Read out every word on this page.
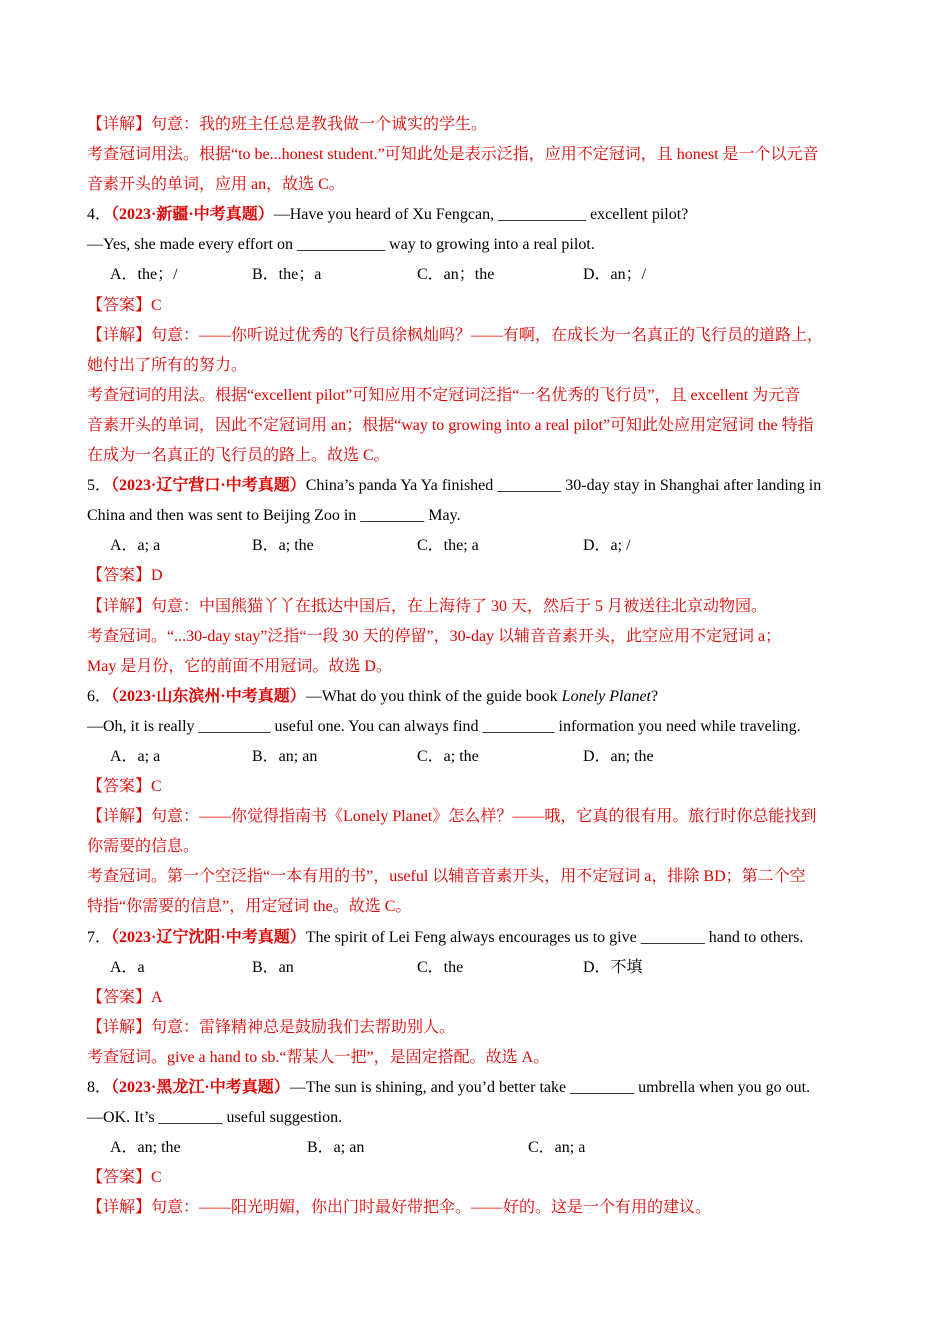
【详解】句意：我的班主任总是教我做一个诚实的学生。
考查冠词用法。根据“to be...honest student.”可知此处是表示泛指，应用不定冠词，且 honest 是一个以元音
音素开头的单词，应用 an，故选 C。
4．（2023·新疆·中考真题）—Have you heard of Xu Fengcan, ___________ excellent pilot?
—Yes, she made every effort on ___________ way to growing into a real pilot.
A．the；/	B．the；a	C．an；the	D．an；/
【答案】C
【详解】句意：——你听说过优秀的飞行员徐枫灿吗？——有啊，在成长为一名真正的飞行员的道路上，
她付出了所有的努力。
考查冠词的用法。根据“excellent pilot”可知应用不定冠词泛指“一名优秀的飞行员”，且 excellent 为元音
音素开头的单词，因此不定冠词用 an；根据“way to growing into a real pilot”可知此处应用定冠词 the 特指
在成为一名真正的飞行员的路上。故选 C。
5．（2023·辽宁营口·中考真题）China’s panda Ya Ya finished ________ 30-day stay in Shanghai after landing in
China and then was sent to Beijing Zoo in ________ May.
A．a; a	B．a; the	C．the; a	D．a; /
【答案】D
【详解】句意：中国熊猫丫丫在抵达中国后，在上海待了 30 天，然后于 5 月被送往北京动物园。
考查冠词。“...30-day stay”泛指“一段 30 天的停留”，30-day 以辅音音素开头，此空应用不定冠词 a；
May 是月份，它的前面不用冠词。故选 D。
6．（2023·山东滨州·中考真题）—What do you think of the guide book Lonely Planet?
—Oh, it is really _________ useful one. You can always find _________ information you need while traveling.
A．a; a	B．an; an	C．a; the	D．an; the
【答案】C
【详解】句意：——你觉得指南书《Lonely Planet》怎么样？——哦，它真的很有用。旅行时你总能找到
你需要的信息。
考查冠词。第一个空泛指“一本有用的书”，useful 以辅音音素开头，用不定冠词 a，排除 BD；第二个空
特指“你需要的信息”，用定冠词 the。故选 C。
7．（2023·辽宁沈阳·中考真题）The spirit of Lei Feng always encourages us to give ________ hand to others.
A．a	B．an	C．the	D．不填
【答案】A
【详解】句意：雷锋精神总是鼓励我们去帮助别人。
考查冠词。give a hand to sb.“帮某人一把”，是固定搭配。故选 A。
8．（2023·黑龙江·中考真题）—The sun is shining, and you’d better take ________ umbrella when you go out.
—OK. It’s ________ useful suggestion.
A．an; the	B．a; an	C．an; a
【答案】C
【详解】句意：——阳光明媚，你出门时最好带把伞。——好的。这是一个有用的建议。
